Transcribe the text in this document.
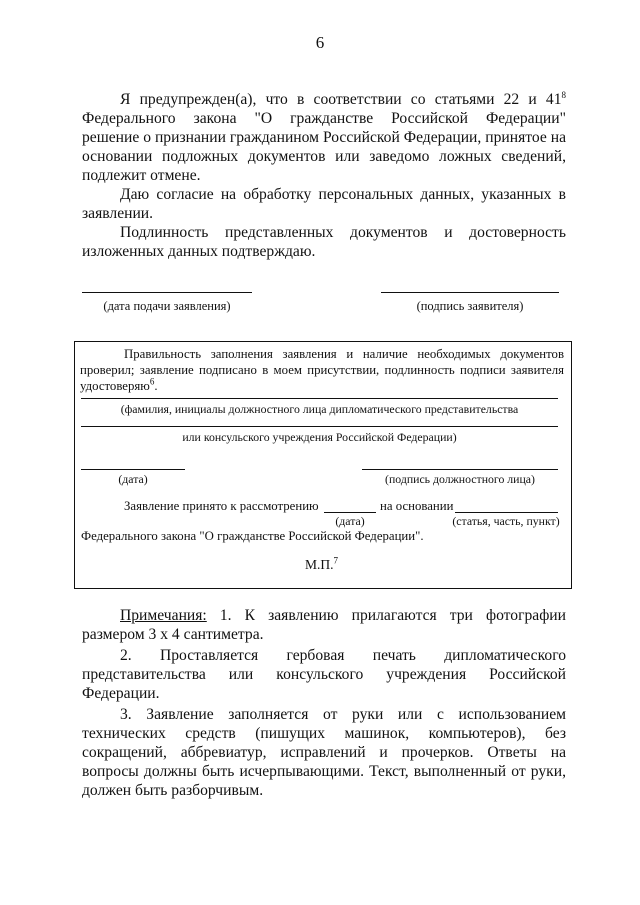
6
Я предупрежден(а), что в соответствии со статьями 22 и $41^8$
Федерального закона "О гражданстве Российской Федерации"
решение о признании гражданином Российской Федерации, принятое на основании подложных документов или заведомо ложных сведений, подлежит отмене.
Даю согласие на обработку персональных данных, указанных в заявлении.
Подлинность представленных документов и достоверность изложенных данных подтверждаю.
(дата подачи заявления)	(подпись заявителя)
Правильность заполнения заявления и наличие необходимых документов проверил; заявление подписано в моем присутствии, подлинность подписи заявителя удостоверяю$^6$.
(фамилия, инициалы должностного лица дипломатического представительства
или консульского учреждения Российской Федерации)
(дата)	(подпись должностного лица)
Заявление принято к рассмотрению	на основании
(дата)	(статья, часть, пункт)
Федерального закона "О гражданстве Российской Федерации".
М.П.$^7$
Примечания: 1. К заявлению прилагаются три фотографии размером 3 х 4 сантиметра.
2. Проставляется гербовая печать дипломатического представительства или консульского учреждения Российской Федерации.
3. Заявление заполняется от руки или с использованием технических средств (пишущих машинок, компьютеров), без сокращений, аббревиатур, исправлений и прочерков. Ответы на вопросы должны быть исчерпывающими. Текст, выполненный от руки, должен быть разборчивым.
